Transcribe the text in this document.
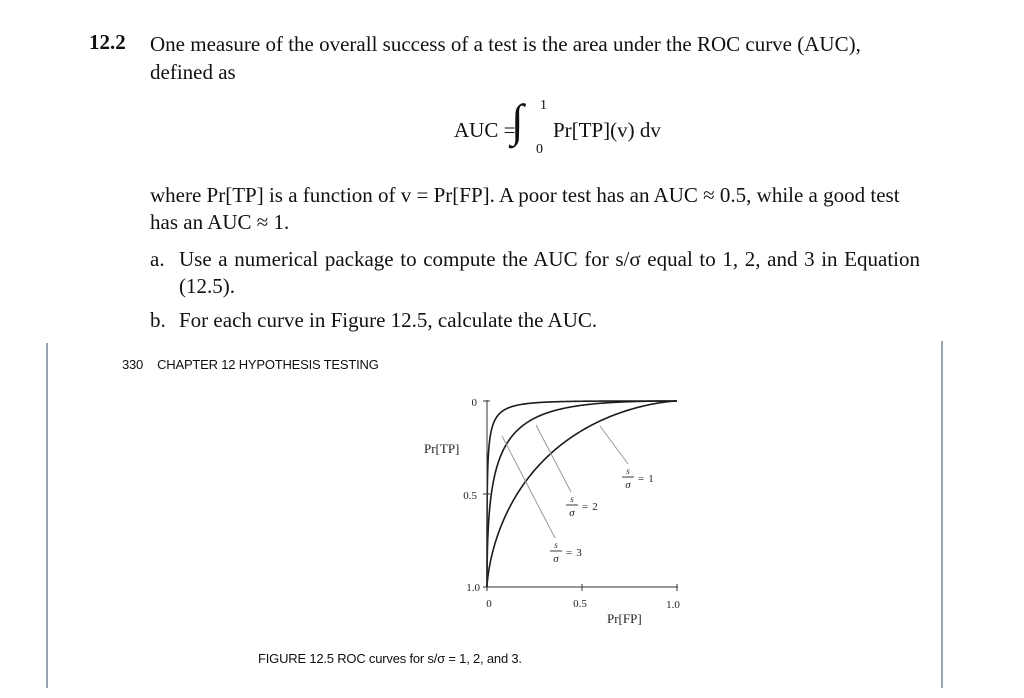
12.2 One measure of the overall success of a test is the area under the ROC curve (AUC), defined as
AUC =
∫ 1
0
Pr[TP](v) dv
where Pr[TP] is a function of v = Pr[FP]. A poor test has an AUC ≈ 0.5, while a good test has an AUC ≈ 1.
a. Use a numerical package to compute the AUC for s/σ equal to 1, 2, and 3 in Equation (12.5).
b. For each curve in Figure 12.5, calculate the AUC.
330 CHAPTER 12 HYPOTHESIS TESTING
0	0.5	1.0
0
0.5
1.0
Pr[TP]
Pr[FP]
s
σ = 1
s
σ = 2
s
σ = 3
FIGURE 12.5 ROC curves for s/σ = 1, 2, and 3.
